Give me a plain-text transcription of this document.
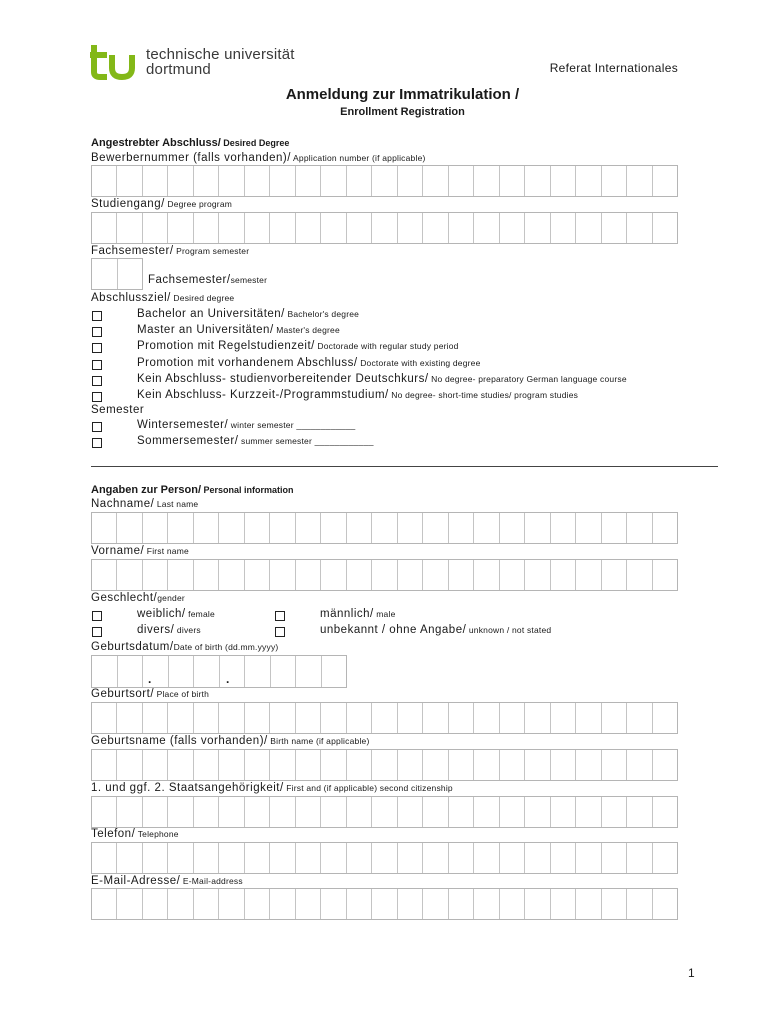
technische universität
dortmund	Referat Internationales
Anmeldung zur Immatrikulation /
Enrollment Registration
Angestrebter Abschluss/ Desired Degree
Bewerbernummer (falls vorhanden)/ Application number (if applicable)
Studiengang/ Degree program
Fachsemester/ Program semester
Fachsemester/semester
Abschlussziel/ Desired degree
Bachelor an Universitäten/ Bachelor's degree
Master an Universitäten/ Master's degree
Promotion mit Regelstudienzeit/ Doctorade with regular study period
Promotion mit vorhandenem Abschluss/ Doctorate with existing degree
Kein Abschluss- studienvorbereitender Deutschkurs/ No degree- preparatory German language course
Kein Abschluss- Kurzzeit-/Programmstudium/ No degree- short-time studies/ program studies
Semester
Wintersemester/ winter semester ____________
Sommersemester/ summer semester ____________
Angaben zur Person/ Personal information
Nachname/ Last name
Vorname/ First name
Geschlecht/gender
weiblich/ female	männlich/ male
divers/ divers	unbekannt / ohne Angabe/ unknown / not stated
Geburtsdatum/Date of birth (dd.mm.yyyy)
.	.
Geburtsort/ Place of birth
Geburtsname (falls vorhanden)/ Birth name (if applicable)
1. und ggf. 2. Staatsangehörigkeit/ First and (if applicable) second citizenship
Telefon/ Telephone
E-Mail-Adresse/ E-Mail-address
1
